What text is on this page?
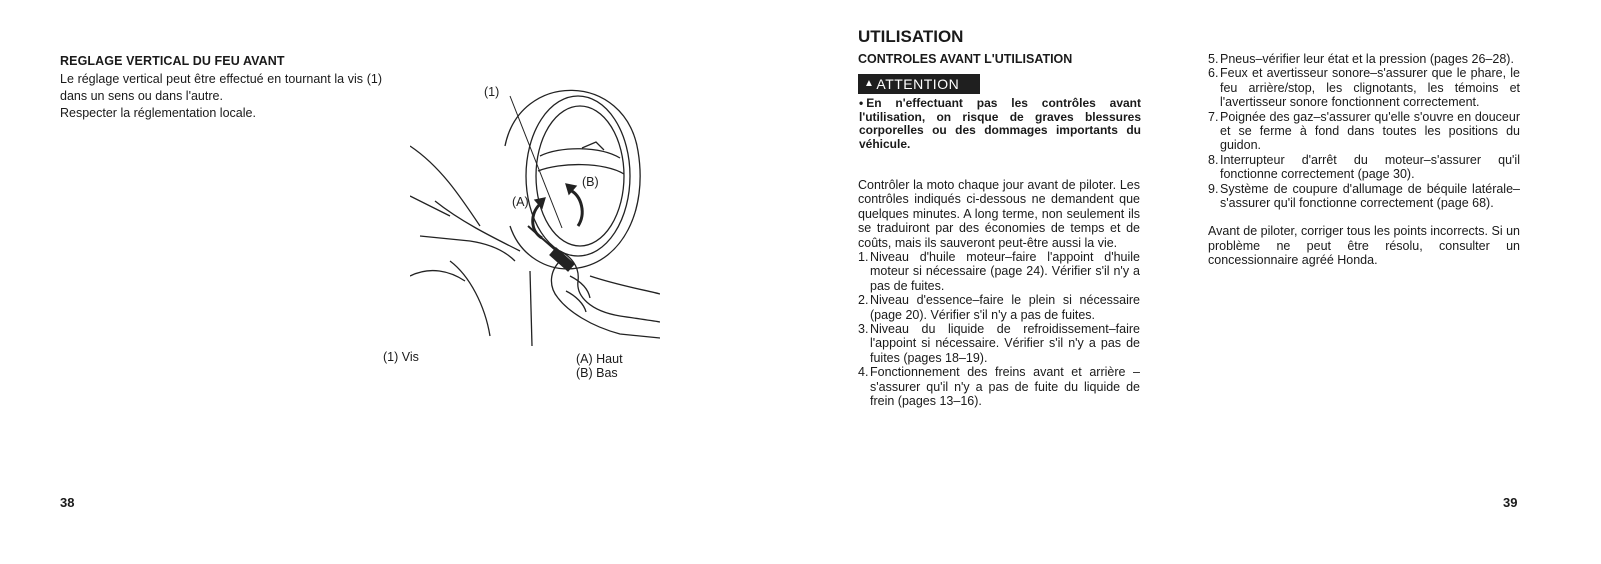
REGLAGE VERTICAL DU FEU AVANT

Le réglage vertical peut être effectué en tournant la vis (1) dans un sens ou dans l'autre.

Respecter la réglementation locale.

(1)
(A)
(B)
(1) Vis	(A) Haut
(B) Bas
38
UTILISATION
CONTROLES AVANT L'UTILISATION
▲ ATTENTION
• En n'effectuant pas les contrôles avant l'utilisation, on risque de graves blessures corporelles ou des dommages importants du véhicule.

Contrôler la moto chaque jour avant de piloter. Les contrôles indiqués ci-dessous ne demandent que quelques minutes. A long terme, non seulement ils se traduiront par des économies de temps et de coûts, mais ils sauveront peut-être aussi la vie.

1. Niveau d'huile moteur–faire l'appoint d'huile moteur si nécessaire (page 24). Vérifier s'il n'y a pas de fuites.
2. Niveau d'essence–faire le plein si nécessaire (page 20). Vérifier s'il n'y a pas de fuites.
3. Niveau du liquide de refroidissement–faire l'appoint si nécessaire. Vérifier s'il n'y a pas de fuites (pages 18–19).
4. Fonctionnement des freins avant et arrière – s'assurer qu'il n'y a pas de fuite du liquide de frein (pages 13–16).
5. Pneus–vérifier leur état et la pression (pages 26–28).
6. Feux et avertisseur sonore–s'assurer que le phare, le feu arrière/stop, les clignotants, les témoins et l'avertisseur sonore fonctionnent correctement.
7. Poignée des gaz–s'assurer qu'elle s'ouvre en douceur et se ferme à fond dans toutes les positions du guidon.
8. Interrupteur d'arrêt du moteur–s'assurer qu'il fonctionne correctement (page 30).
9. Système de coupure d'allumage de béquile latérale–s'assurer qu'il fonctionne correctement (page 68).

Avant de piloter, corriger tous les points incorrects. Si un problème ne peut être résolu, consulter un concessionnaire agréé Honda.

39
